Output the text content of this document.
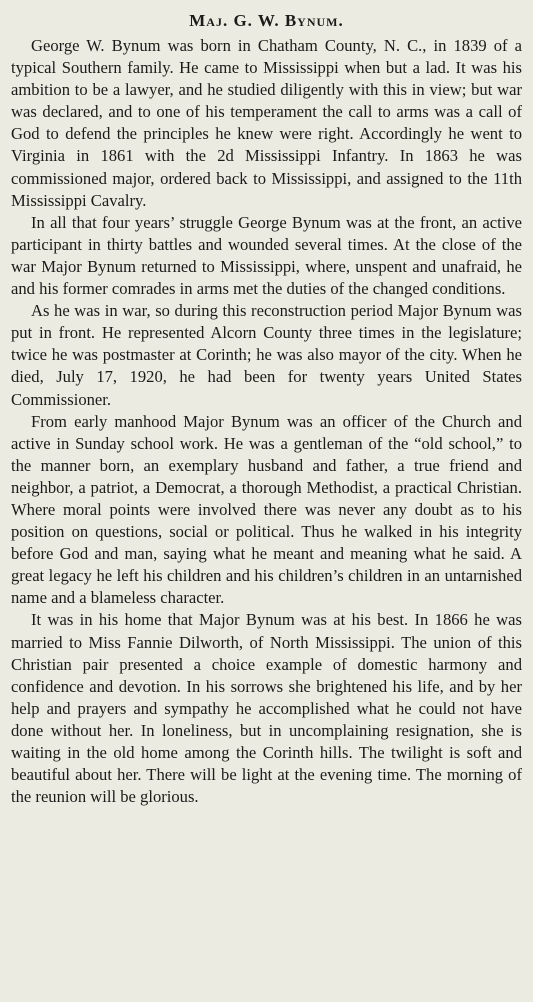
Maj. G. W. Bynum.

George W. Bynum was born in Chatham County, N. C., in 1839 of a typical Southern family. He came to Mississippi when but a lad. It was his ambition to be a lawyer, and he studied diligently with this in view; but war was declared, and to one of his temperament the call to arms was a call of God to defend the principles he knew were right. Accordingly he went to Virginia in 1861 with the 2d Mississippi Infantry. In 1863 he was commissioned major, ordered back to Mississippi, and assigned to the 11th Mississippi Cavalry.

In all that four years’ struggle George Bynum was at the front, an active participant in thirty battles and wounded several times. At the close of the war Major Bynum returned to Mississippi, where, unspent and unafraid, he and his former comrades in arms met the duties of the changed conditions.

As he was in war, so during this reconstruction period Major Bynum was put in front. He represented Alcorn County three times in the legislature; twice he was postmaster at Corinth; he was also mayor of the city. When he died, July 17, 1920, he had been for twenty years United States Commissioner.

From early manhood Major Bynum was an officer of the Church and active in Sunday school work. He was a gentleman of the “old school,” to the manner born, an exemplary husband and father, a true friend and neighbor, a patriot, a Democrat, a thorough Methodist, a practical Christian. Where moral points were involved there was never any doubt as to his position on questions, social or political. Thus he walked in his integrity before God and man, saying what he meant and meaning what he said. A great legacy he left his children and his children’s children in an untarnished name and a blameless character.

It was in his home that Major Bynum was at his best. In 1866 he was married to Miss Fannie Dilworth, of North Mississippi. The union of this Christian pair presented a choice example of domestic harmony and confidence and devotion. In his sorrows she brightened his life, and by her help and prayers and sympathy he accomplished what he could not have done without her. In loneliness, but in uncomplaining resignation, she is waiting in the old home among the Corinth hills. The twilight is soft and beautiful about her. There will be light at the evening time. The morning of the reunion will be glorious.
